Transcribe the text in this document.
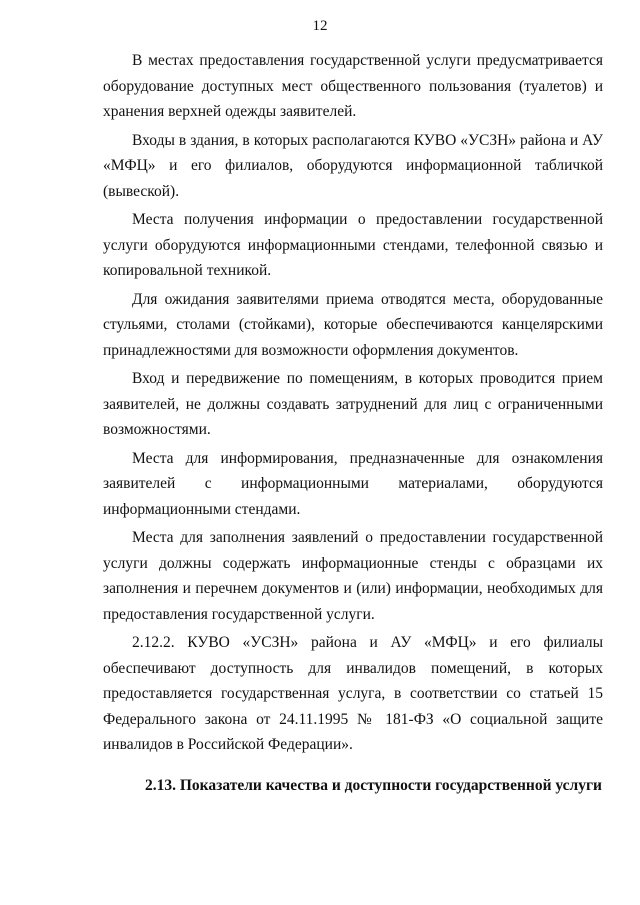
12

В местах предоставления государственной услуги предусматривается оборудование доступных мест общественного пользования (туалетов) и хранения верхней одежды заявителей.

Входы в здания, в которых располагаются КУВО «УСЗН» района и АУ «МФЦ» и его филиалов, оборудуются информационной табличкой (вывеской).

Места получения информации о предоставлении государственной услуги оборудуются информационными стендами, телефонной связью и копировальной техникой.

Для ожидания заявителями приема отводятся места, оборудованные стульями, столами (стойками), которые обеспечиваются канцелярскими принадлежностями для возможности оформления документов.

Вход и передвижение по помещениям, в которых проводится прием заявителей, не должны создавать затруднений для лиц с ограниченными возможностями.

Места для информирования, предназначенные для ознакомления заявителей с информационными материалами, оборудуются информационными стендами.

Места для заполнения заявлений о предоставлении государственной услуги должны содержать информационные стенды с образцами их заполнения и перечнем документов и (или) информации, необходимых для предоставления государственной услуги.

2.12.2. КУВО «УСЗН» района и АУ «МФЦ» и его филиалы обеспечивают доступность для инвалидов помещений, в которых предоставляется государственная услуга, в соответствии со статьей 15 Федерального закона от 24.11.1995 № 181-ФЗ «О социальной защите инвалидов в Российской Федерации».

2.13. Показатели качества и доступности государственной услуги
